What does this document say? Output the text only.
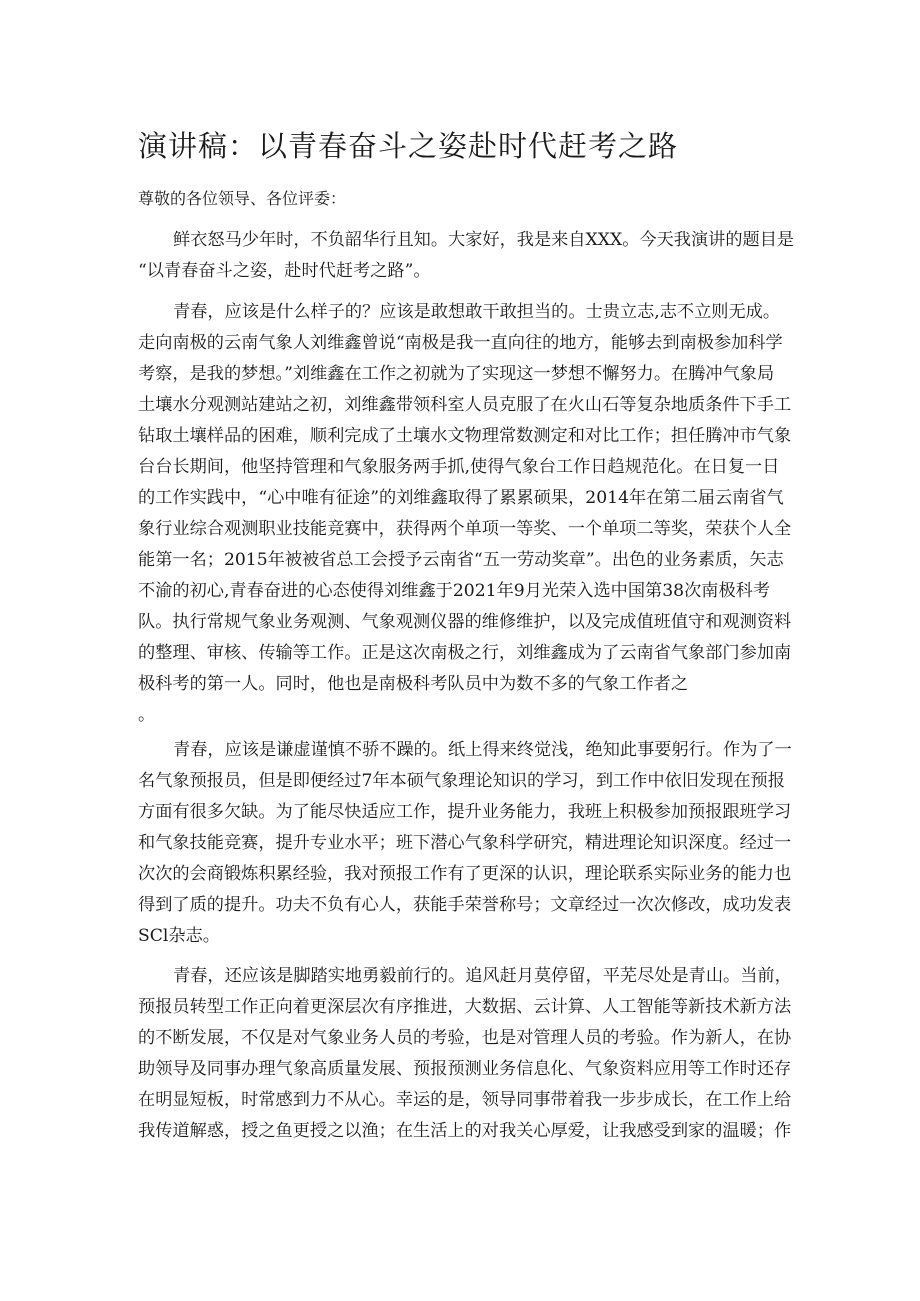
演讲稿：以青春奋斗之姿赴时代赶考之路

尊敬的各位领导、各位评委：

鲜衣怒马少年时，不负韶华行且知。大家好，我是来自XXX。今天我演讲的题目是
“以青春奋斗之姿，赴时代赶考之路”。
青春，应该是什么样子的？应该是敢想敢干敢担当的。士贵立志,志不立则无成。
走向南极的云南气象人刘维鑫曾说“南极是我一直向往的地方，能够去到南极参加科学
考察，是我的梦想。”刘维鑫在工作之初就为了实现这一梦想不懈努力。在腾冲气象局
土壤水分观测站建站之初，刘维鑫带领科室人员克服了在火山石等复杂地质条件下手工
钻取土壤样品的困难，顺利完成了土壤水文物理常数测定和对比工作；担任腾冲市气象
台台长期间，他坚持管理和气象服务两手抓,使得气象台工作日趋规范化。在日复一日
的工作实践中，“心中唯有征途”的刘维鑫取得了累累硕果，2014年在第二届云南省气
象行业综合观测职业技能竞赛中，获得两个单项一等奖、一个单项二等奖，荣获个人全
能第一名；2015年被被省总工会授予云南省“五一劳动奖章”。出色的业务素质，矢志
不渝的初心,青春奋进的心态使得刘维鑫于2021年9月光荣入选中国第38次南极科考
队。执行常规气象业务观测、气象观测仪器的维修维护，以及完成值班值守和观测资料
的整理、审核、传输等工作。正是这次南极之行，刘维鑫成为了云南省气象部门参加南
极科考的第一人。同时，他也是南极科考队员中为数不多的气象工作者之
。
青春，应该是谦虚谨慎不骄不躁的。纸上得来终觉浅，绝知此事要躬行。作为了一
名气象预报员，但是即便经过7年本硕气象理论知识的学习，到工作中依旧发现在预报
方面有很多欠缺。为了能尽快适应工作，提升业务能力，我班上积极参加预报跟班学习
和气象技能竞赛，提升专业水平；班下潜心气象科学研究，精进理论知识深度。经过一
次次的会商锻炼积累经验，我对预报工作有了更深的认识，理论联系实际业务的能力也
得到了质的提升。功夫不负有心人，获能手荣誉称号；文章经过一次次修改，成功发表
SCl杂志。
青春，还应该是脚踏实地勇毅前行的。追风赶月莫停留，平芜尽处是青山。当前，
预报员转型工作正向着更深层次有序推进，大数据、云计算、人工智能等新技术新方法
的不断发展，不仅是对气象业务人员的考验，也是对管理人员的考验。作为新人，在协
助领导及同事办理气象高质量发展、预报预测业务信息化、气象资料应用等工作时还存
在明显短板，时常感到力不从心。幸运的是，领导同事带着我一步步成长，在工作上给
我传道解惑，授之鱼更授之以渔；在生活上的对我关心厚爱，让我感受到家的温暖；作
